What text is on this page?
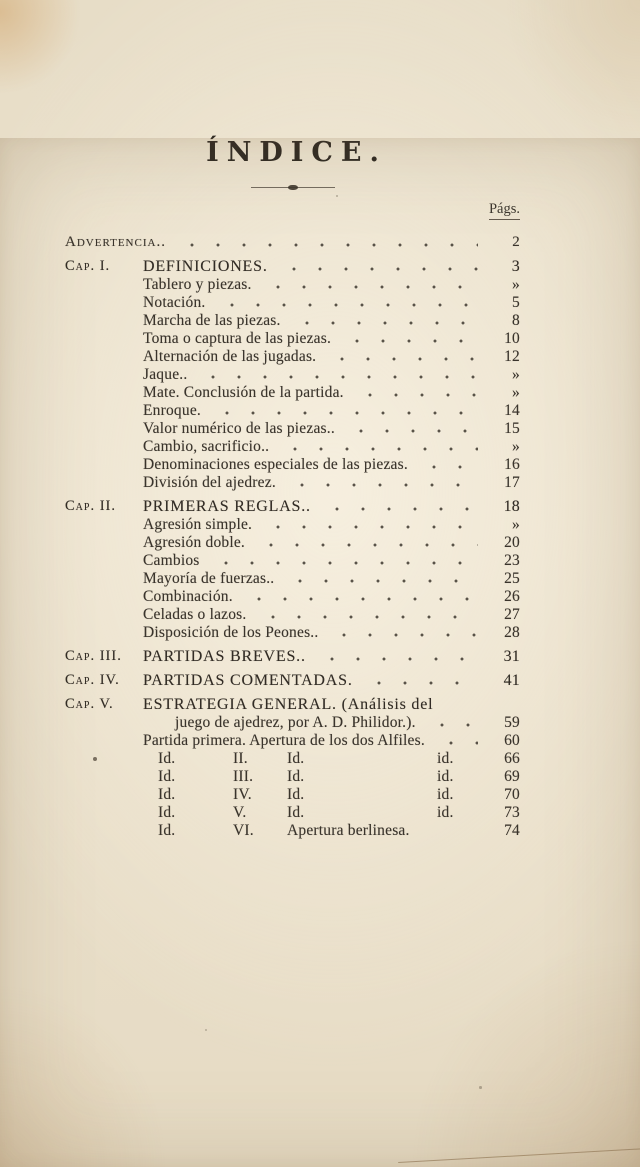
ÍNDICE.
Págs.
Advertencia..	2
Cap. I.	DEFINICIONES.	3
Tablero y piezas.	»
Notación.	5
Marcha de las piezas.	8
Toma o captura de las piezas.	10
Alternación de las jugadas.	12
Jaque..	»
Mate. Conclusión de la partida.	»
Enroque.	14
Valor numérico de las piezas..	15
Cambio, sacrificio..	»
Denominaciones especiales de las piezas.	16
División del ajedrez.	17
Cap. II.	PRIMERAS REGLAS..	18
Agresión simple.	»
Agresión doble.	20
Cambios	23
Mayoría de fuerzas..	25
Combinación.	26
Celadas o lazos.	27
Disposición de los Peones..	28
Cap. III.	PARTIDAS BREVES..	31
Cap. IV.	PARTIDAS COMENTADAS.	41
Cap. V.	ESTRATEGIA GENERAL. (Análisis del
juego de ajedrez, por A. D. Philidor.).	59
Partida primera. Apertura de los dos Alfiles.	60
Id.	II.	Id.	id.	66
Id.	III.	Id.	id.	69
Id.	IV.	Id.	id.	70
Id.	V.	Id.	id.	73
Id.	VI.	Apertura berlinesa.	74
